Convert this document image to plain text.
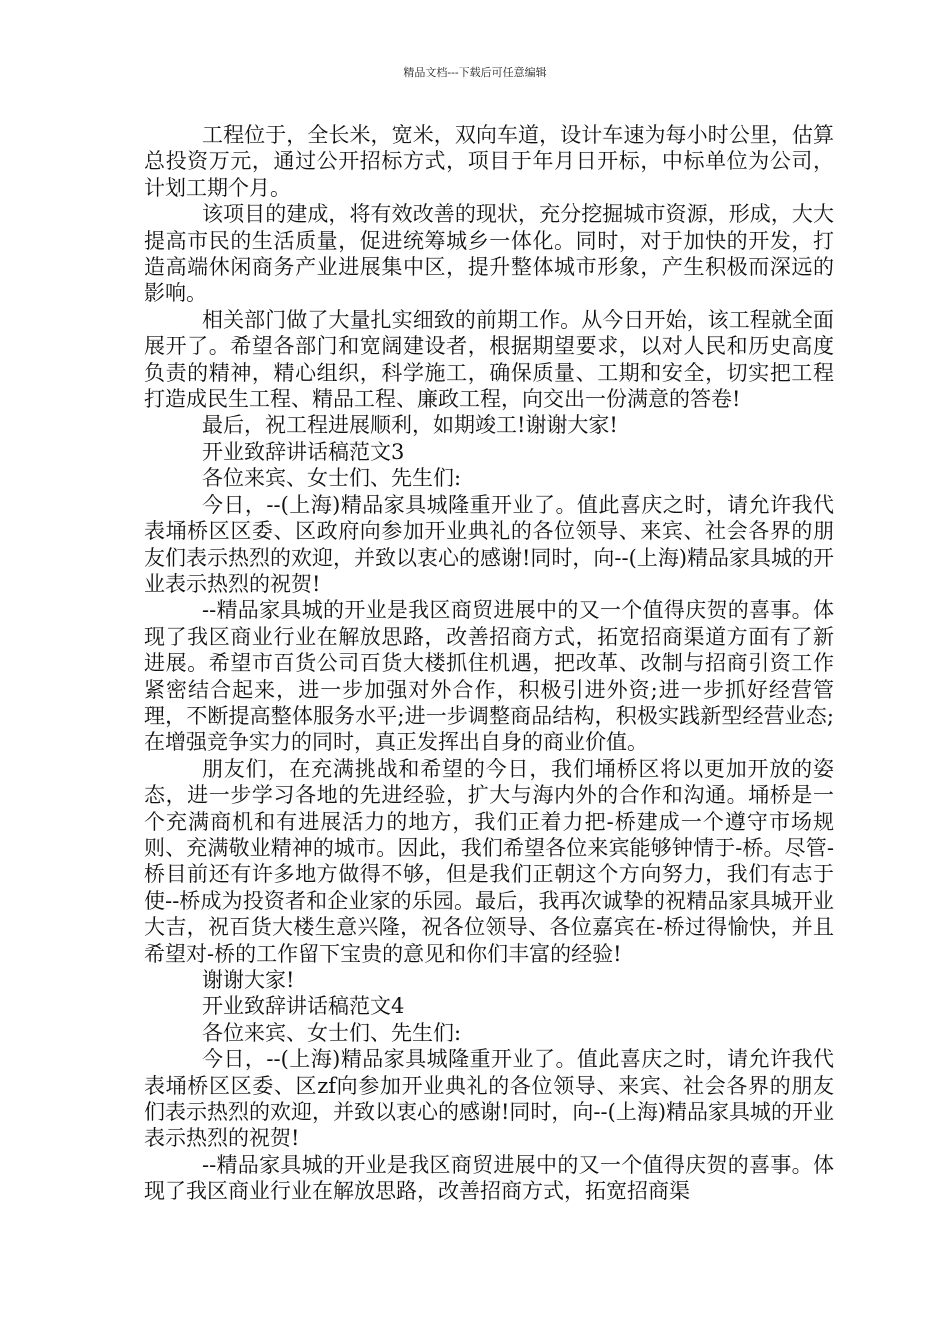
精品文档---下载后可任意编辑

工程位于，全长米，宽米，双向车道，设计车速为每小时公里，估算总投资万元，通过公开招标方式，项目于年月日开标，中标单位为公司，计划工期个月。

该项目的建成，将有效改善的现状，充分挖掘城市资源，形成，大大提高市民的生活质量，促进统筹城乡一体化。同时，对于加快的开发，打造高端休闲商务产业进展集中区，提升整体城市形象，产生积极而深远的影响。

相关部门做了大量扎实细致的前期工作。从今日开始，该工程就全面展开了。希望各部门和宽阔建设者，根据期望要求，以对人民和历史高度负责的精神，精心组织，科学施工，确保质量、工期和安全，切实把工程打造成民生工程、精品工程、廉政工程，向交出一份满意的答卷!

最后，祝工程进展顺利，如期竣工!谢谢大家!

开业致辞讲话稿范文3

各位来宾、女士们、先生们:

今日，--(上海)精品家具城隆重开业了。值此喜庆之时，请允许我代表埇桥区区委、区政府向参加开业典礼的各位领导、来宾、社会各界的朋友们表示热烈的欢迎，并致以衷心的感谢!同时，向--(上海)精品家具城的开业表示热烈的祝贺!

--精品家具城的开业是我区商贸进展中的又一个值得庆贺的喜事。体现了我区商业行业在解放思路，改善招商方式，拓宽招商渠道方面有了新进展。希望市百货公司百货大楼抓住机遇，把改革、改制与招商引资工作紧密结合起来，进一步加强对外合作，积极引进外资;进一步抓好经营管理，不断提高整体服务水平;进一步调整商品结构，积极实践新型经营业态;在增强竞争实力的同时，真正发挥出自身的商业价值。

朋友们，在充满挑战和希望的今日，我们埇桥区将以更加开放的姿态，进一步学习各地的先进经验，扩大与海内外的合作和沟通。埇桥是一个充满商机和有进展活力的地方，我们正着力把-桥建成一个遵守市场规则、充满敬业精神的城市。因此，我们希望各位来宾能够钟情于-桥。尽管-桥目前还有许多地方做得不够，但是我们正朝这个方向努力，我们有志于使--桥成为投资者和企业家的乐园。最后，我再次诚挚的祝精品家具城开业大吉，祝百货大楼生意兴隆，祝各位领导、各位嘉宾在-桥过得愉快，并且希望对-桥的工作留下宝贵的意见和你们丰富的经验!

谢谢大家!

开业致辞讲话稿范文4

各位来宾、女士们、先生们:

今日，--(上海)精品家具城隆重开业了。值此喜庆之时，请允许我代表埇桥区区委、区zf向参加开业典礼的各位领导、来宾、社会各界的朋友们表示热烈的欢迎，并致以衷心的感谢!同时，向--(上海)精品家具城的开业表示热烈的祝贺!

--精品家具城的开业是我区商贸进展中的又一个值得庆贺的喜事。体现了我区商业行业在解放思路，改善招商方式，拓宽招商渠
